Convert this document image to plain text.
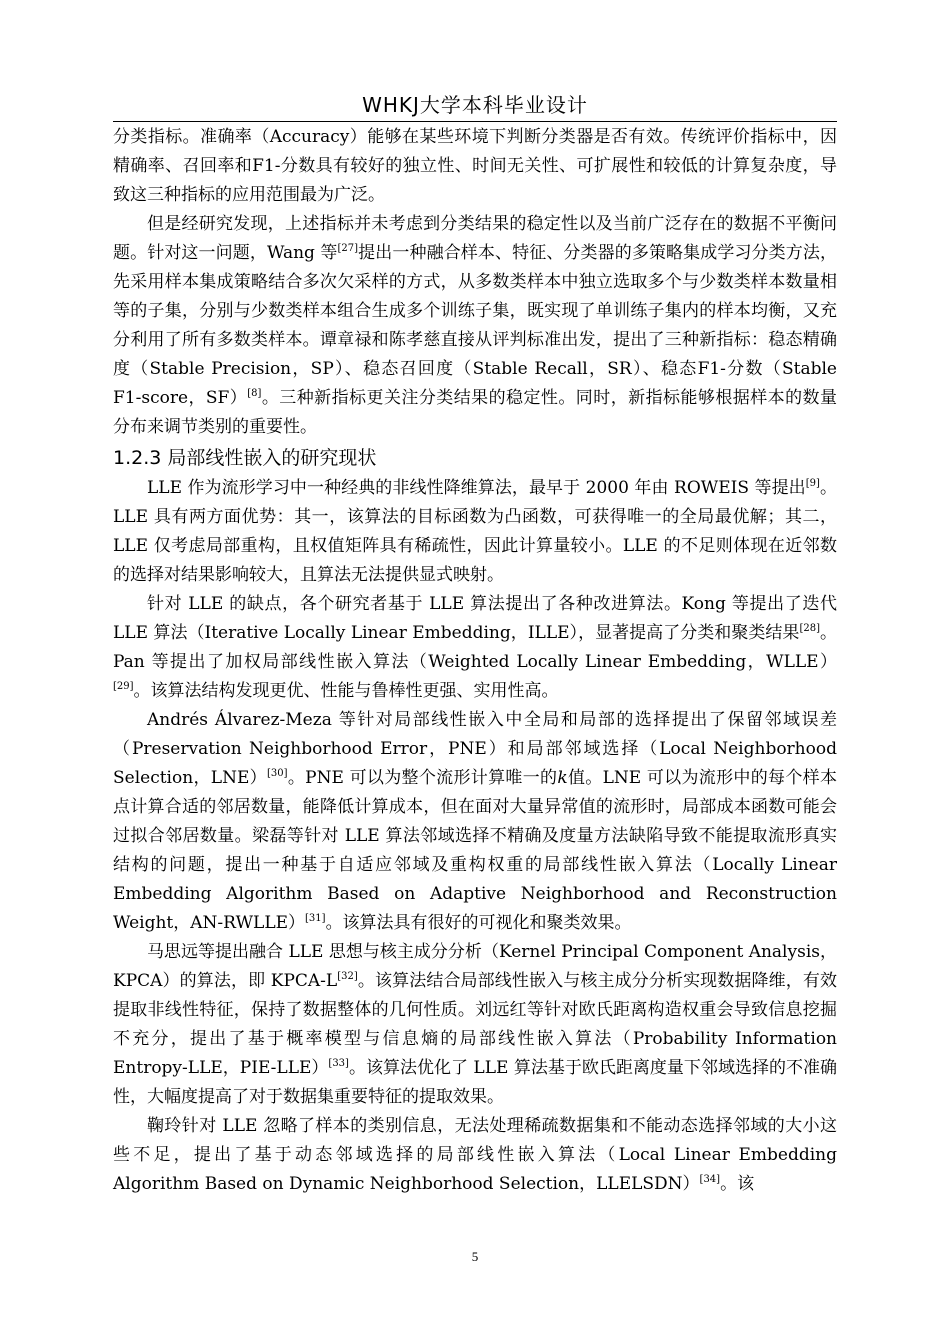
WHKJ大学本科毕业设计

分类指标。准确率（Accuracy）能够在某些环境下判断分类器是否有效。传统评价指标中，因精确率、召回率和F1-分数具有较好的独立性、时间无关性、可扩展性和较低的计算复杂度，导致这三种指标的应用范围最为广泛。

但是经研究发现，上述指标并未考虑到分类结果的稳定性以及当前广泛存在的数据不平衡问题。针对这一问题，Wang 等[27]提出一种融合样本、特征、分类器的多策略集成学习分类方法，先采用样本集成策略结合多次欠采样的方式，从多数类样本中独立选取多个与少数类样本数量相等的子集，分别与少数类样本组合生成多个训练子集，既实现了单训练子集内的样本均衡，又充分利用了所有多数类样本。谭章禄和陈孝慈直接从评判标准出发，提出了三种新指标：稳态精确度（Stable Precision，SP）、稳态召回度（Stable Recall，SR）、稳态F1-分数（Stable F1-score，SF）[8]。三种新指标更关注分类结果的稳定性。同时，新指标能够根据样本的数量分布来调节类别的重要性。

1.2.3 局部线性嵌入的研究现状

LLE 作为流形学习中一种经典的非线性降维算法，最早于 2000 年由 ROWEIS 等提出[9]。LLE 具有两方面优势：其一，该算法的目标函数为凸函数，可获得唯一的全局最优解；其二，LLE 仅考虑局部重构，且权值矩阵具有稀疏性，因此计算量较小。LLE 的不足则体现在近邻数的选择对结果影响较大，且算法无法提供显式映射。

针对 LLE 的缺点，各个研究者基于 LLE 算法提出了各种改进算法。Kong 等提出了迭代 LLE 算法（Iterative Locally Linear Embedding，ILLE），显著提高了分类和聚类结果[28]。Pan 等提出了加权局部线性嵌入算法（Weighted Locally Linear Embedding，WLLE）[29]。该算法结构发现更优、性能与鲁棒性更强、实用性高。

Andrés Álvarez-Meza 等针对局部线性嵌入中全局和局部的选择提出了保留邻域误差（Preservation Neighborhood Error，PNE）和局部邻域选择（Local Neighborhood Selection，LNE）[30]。PNE 可以为整个流形计算唯一的k值。LNE 可以为流形中的每个样本点计算合适的邻居数量，能降低计算成本，但在面对大量异常值的流形时，局部成本函数可能会过拟合邻居数量。梁磊等针对 LLE 算法邻域选择不精确及度量方法缺陷导致不能提取流形真实结构的问题，提出一种基于自适应邻域及重构权重的局部线性嵌入算法（Locally Linear Embedding Algorithm Based on Adaptive Neighborhood and Reconstruction Weight，AN-RWLLE）[31]。该算法具有很好的可视化和聚类效果。

马思远等提出融合 LLE 思想与核主成分分析（Kernel Principal Component Analysis，KPCA）的算法，即 KPCA-L[32]。该算法结合局部线性嵌入与核主成分分析实现数据降维，有效提取非线性特征，保持了数据整体的几何性质。刘远红等针对欧氏距离构造权重会导致信息挖掘不充分，提出了基于概率模型与信息熵的局部线性嵌入算法（Probability Information Entropy-LLE，PIE-LLE）[33]。该算法优化了 LLE 算法基于欧氏距离度量下邻域选择的不准确性，大幅度提高了对于数据集重要特征的提取效果。

鞠玲针对 LLE 忽略了样本的类别信息，无法处理稀疏数据集和不能动态选择邻域的大小这些不足，提出了基于动态邻域选择的局部线性嵌入算法（Local Linear Embedding Algorithm Based on Dynamic Neighborhood Selection，LLELSDN）[34]。该

5
